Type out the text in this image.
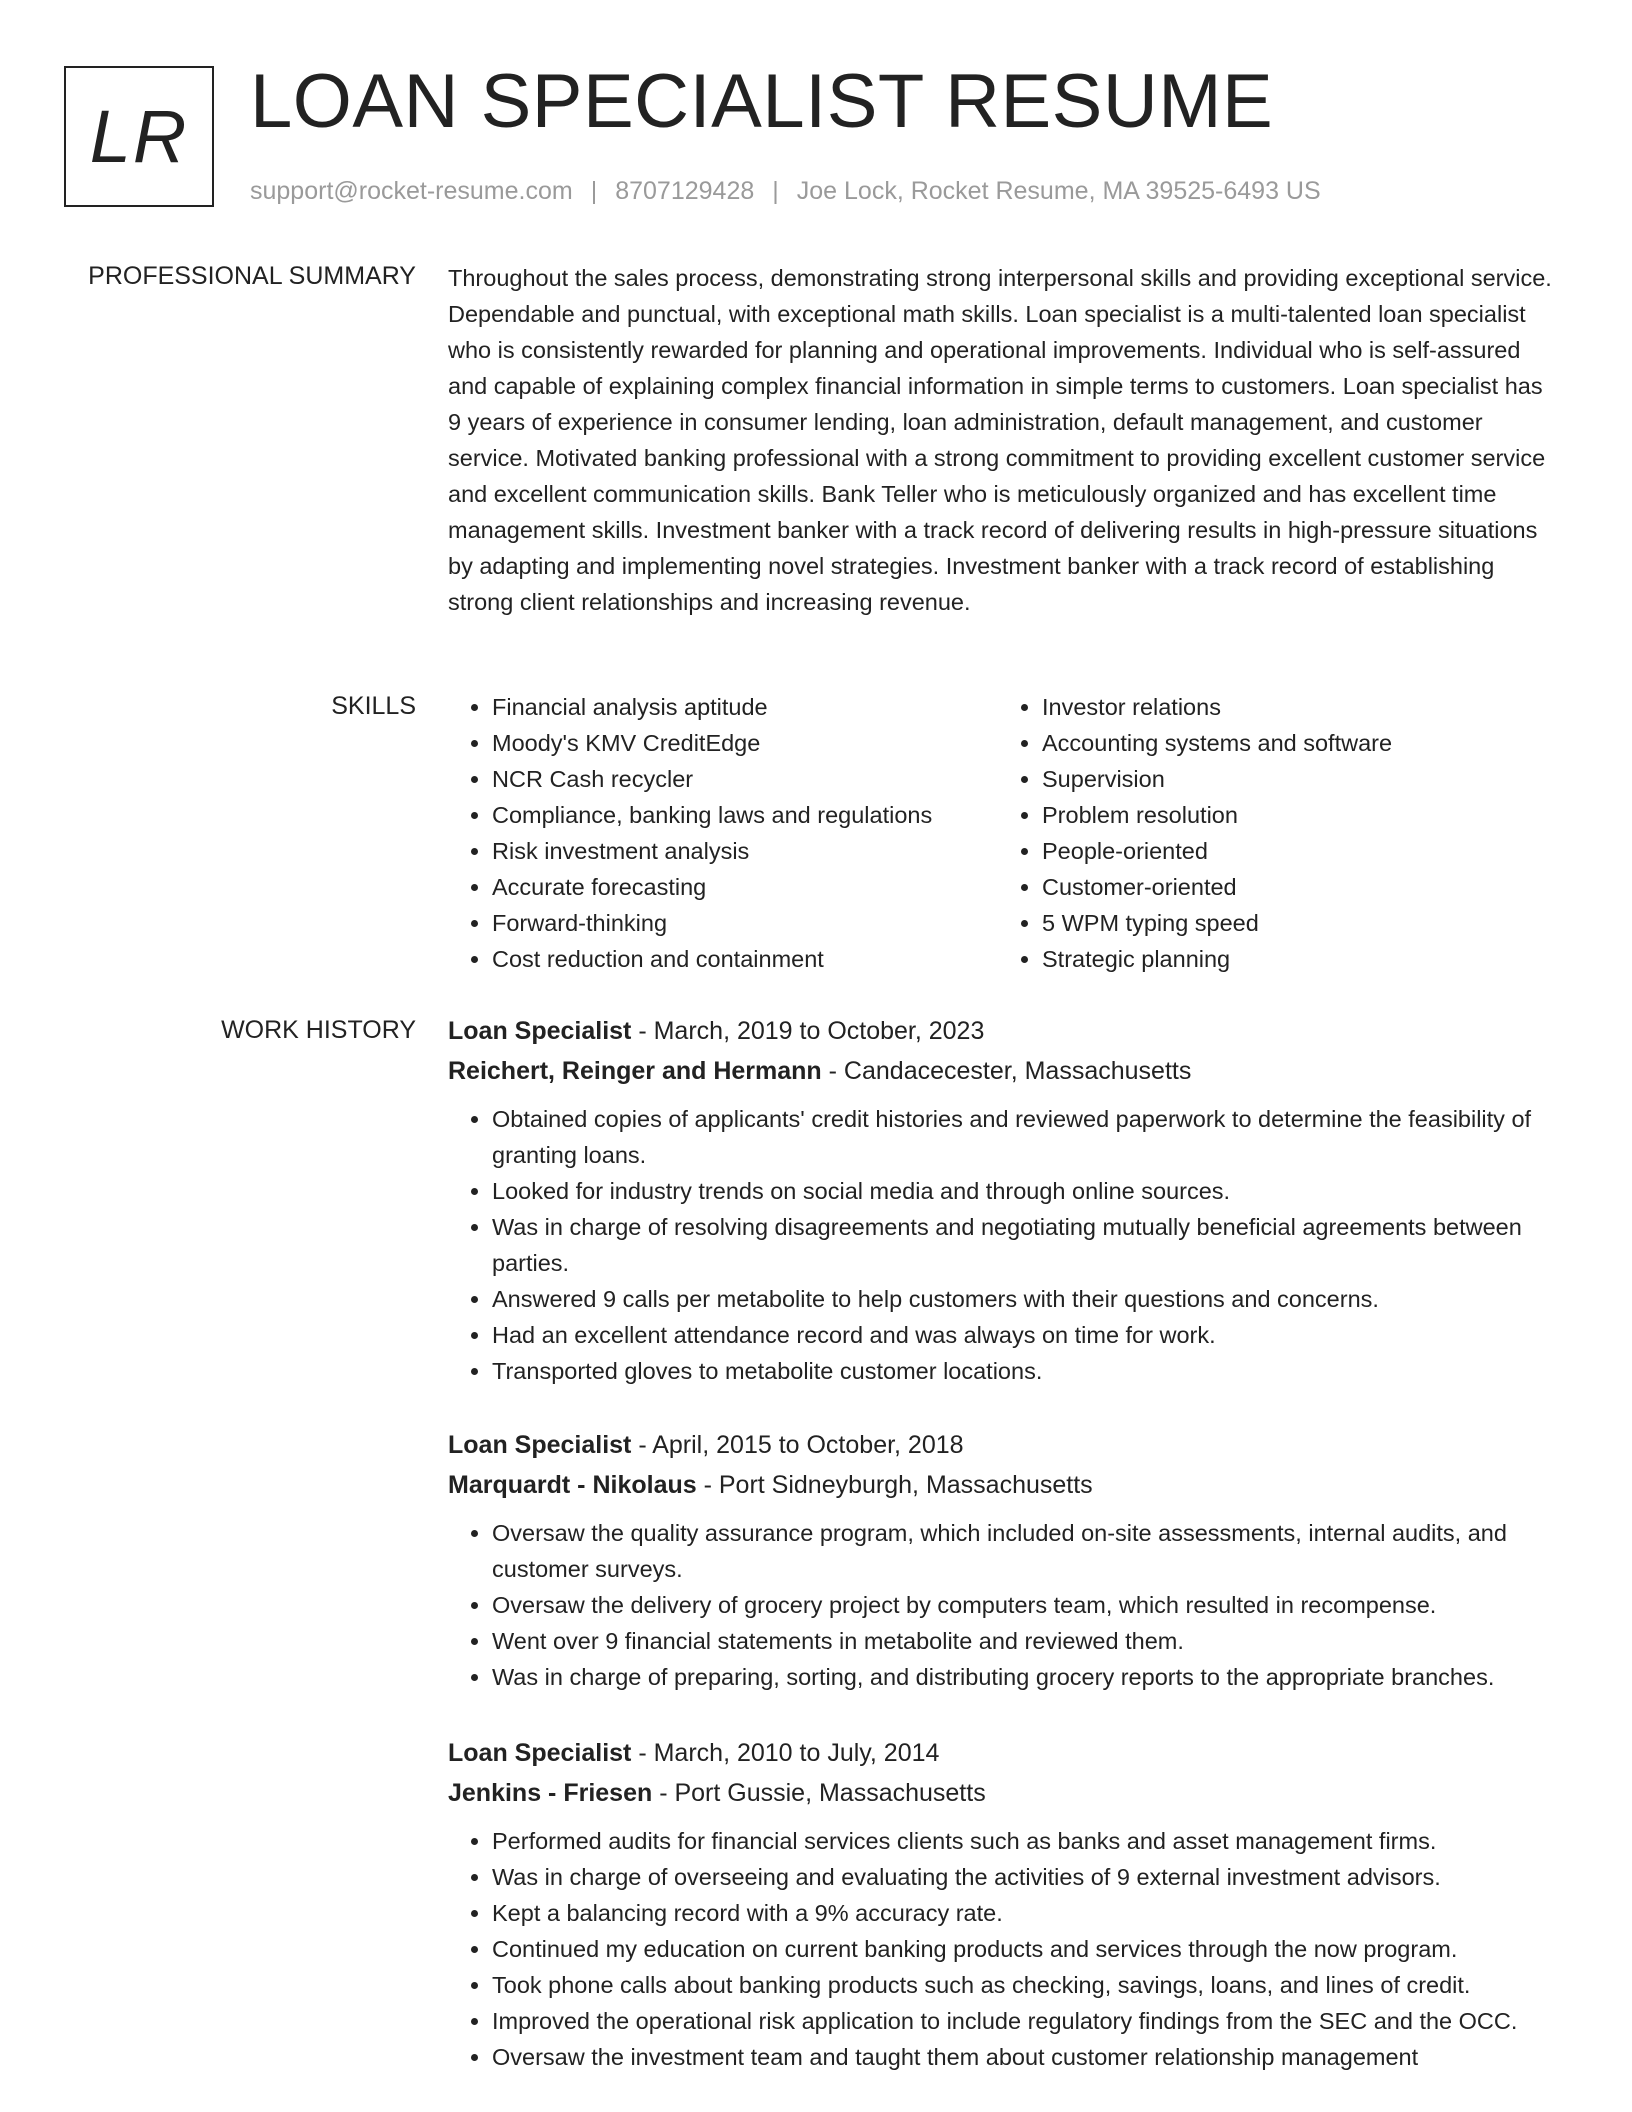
LR LOAN SPECIALIST RESUME
support@rocket-resume.com | 8707129428 | Joe Lock, Rocket Resume, MA 39525-6493 US
PROFESSIONAL SUMMARY Throughout the sales process, demonstrating strong interpersonal skills and providing exceptional service. Dependable and punctual, with exceptional math skills. Loan specialist is a multi-talented loan specialist who is consistently rewarded for planning and operational improvements. Individual who is self-assured and capable of explaining complex financial information in simple terms to customers. Loan specialist has 9 years of experience in consumer lending, loan administration, default management, and customer service. Motivated banking professional with a strong commitment to providing excellent customer service and excellent communication skills. Bank Teller who is meticulously organized and has excellent time management skills. Investment banker with a track record of delivering results in high-pressure situations by adapting and implementing novel strategies. Investment banker with a track record of establishing strong client relationships and increasing revenue.

SKILLS
•	Financial analysis aptitude
• Moody's KMV CreditEdge
• NCR Cash recycler
• Compliance, banking laws and regulations
• Risk investment analysis
• Accurate forecasting
• Forward-thinking
• Cost reduction and containment
• Investor relations
• Accounting systems and software
• Supervision
• Problem resolution
• People-oriented
• Customer-oriented
• 5 WPM typing speed
• Strategic planning
WORK HISTORY Loan Specialist - March, 2019 to October, 2023
Reichert, Reinger and Hermann - Candacecester, Massachusetts
• Obtained copies of applicants' credit histories and reviewed paperwork to determine the feasibility of granting loans.
• Looked for industry trends on social media and through online sources.
• Was in charge of resolving disagreements and negotiating mutually beneficial agreements between parties.
• Answered 9 calls per metabolite to help customers with their questions and concerns.
• Had an excellent attendance record and was always on time for work.
• Transported gloves to metabolite customer locations.
Loan Specialist - April, 2015 to October, 2018
Marquardt - Nikolaus - Port Sidneyburgh, Massachusetts
• Oversaw the quality assurance program, which included on-site assessments, internal audits, and customer surveys.
• Oversaw the delivery of grocery project by computers team, which resulted in recompense.
• Went over 9 financial statements in metabolite and reviewed them.
• Was in charge of preparing, sorting, and distributing grocery reports to the appropriate branches.
Loan Specialist - March, 2010 to July, 2014
Jenkins - Friesen - Port Gussie, Massachusetts
• Performed audits for financial services clients such as banks and asset management firms.
• Was in charge of overseeing and evaluating the activities of 9 external investment advisors.
• Kept a balancing record with a 9% accuracy rate.
• Continued my education on current banking products and services through the now program.
• Took phone calls about banking products such as checking, savings, loans, and lines of credit.
• Improved the operational risk application to include regulatory findings from the SEC and the OCC.
• Oversaw the investment team and taught them about customer relationship management
